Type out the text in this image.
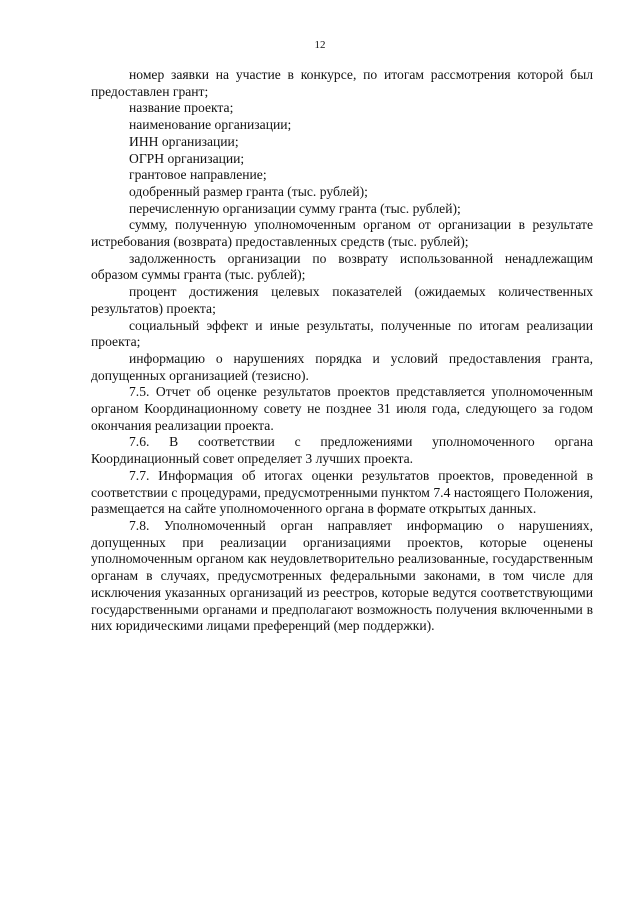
12

номер заявки на участие в конкурсе, по итогам рассмотрения которой был предоставлен грант;

название проекта;

наименование организации;

ИНН организации;

ОГРН организации;

грантовое направление;

одобренный размер гранта (тыс. рублей);

перечисленную организации сумму гранта (тыс. рублей);

сумму, полученную уполномоченным органом от организации в результате истребования (возврата) предоставленных средств (тыс. рублей);

задолженность организации по возврату использованной ненадлежащим образом суммы гранта (тыс. рублей);

процент достижения целевых показателей (ожидаемых количественных результатов) проекта;

социальный эффект и иные результаты, полученные по итогам реализации проекта;

информацию о нарушениях порядка и условий предоставления гранта, допущенных организацией (тезисно).

7.5. Отчет об оценке результатов проектов представляется уполномоченным органом Координационному совету не позднее 31 июля года, следующего за годом окончания реализации проекта.

7.6. В соответствии с предложениями уполномоченного органа Координационный совет определяет 3 лучших проекта.

7.7. Информация об итогах оценки результатов проектов, проведенной в соответствии с процедурами, предусмотренными пунктом 7.4 настоящего Положения, размещается на сайте уполномоченного органа в формате открытых данных.

7.8. Уполномоченный орган направляет информацию о нарушениях, допущенных при реализации организациями проектов, которые оценены уполномоченным органом как неудовлетворительно реализованные, государственным органам в случаях, предусмотренных федеральными законами, в том числе для исключения указанных организаций из реестров, которые ведутся соответствующими государственными органами и предполагают возможность получения включенными в них юридическими лицами преференций (мер поддержки).
